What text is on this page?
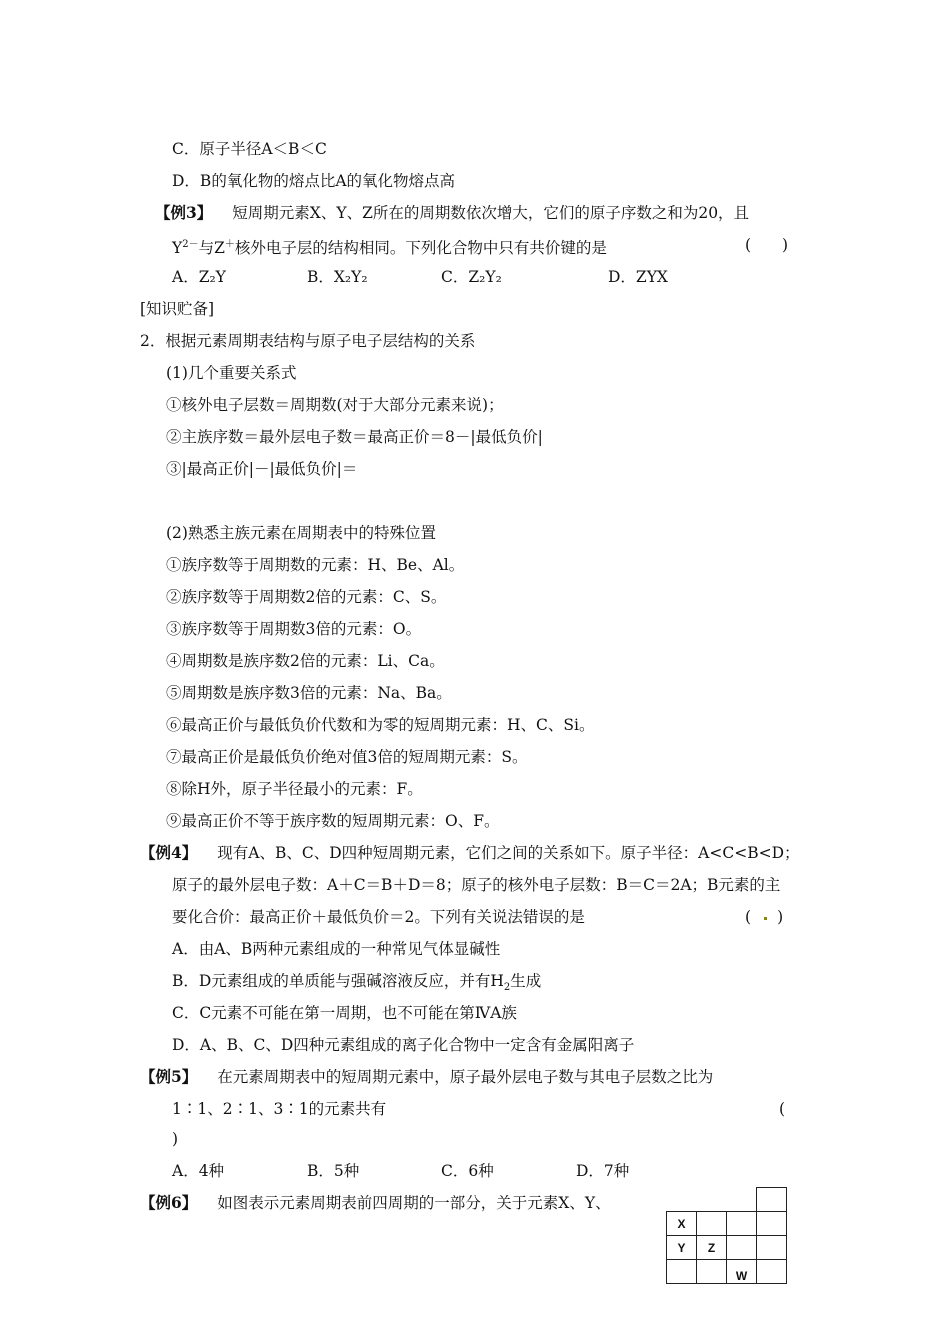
C．原子半径A＜B＜C
D．B的氧化物的熔点比A的氧化物熔点高
【例3】 短周期元素X、Y、Z所在的周期数依次增大，它们的原子序数之和为20，且
$Y^{2-}$与Z＋核外电子层的结构相同。下列化合物中只有共价键的是	(　　)
A．Z₂Y	B．X₂Y₂	C．Z₂Y₂	D．ZYX
[知识贮备]
2．根据元素周期表结构与原子电子层结构的关系
(1)几个重要关系式
①核外电子层数＝周期数(对于大部分元素来说)；
②主族序数＝最外层电子数＝最高正价＝8－|最低负价|
③|最高正价|－|最低负价|＝
(2)熟悉主族元素在周期表中的特殊位置
①族序数等于周期数的元素：H、Be、Al。
②族序数等于周期数2倍的元素：C、S。
③族序数等于周期数3倍的元素：O。
④周期数是族序数2倍的元素：Li、Ca。
⑤周期数是族序数3倍的元素：Na、Ba。
⑥最高正价与最低负价代数和为零的短周期元素：H、C、Si。
⑦最高正价是最低负价绝对值3倍的短周期元素：S。
⑧除H外，原子半径最小的元素：F。
⑨最高正价不等于族序数的短周期元素：O、F。
【例4】 现有A、B、C、D四种短周期元素，它们之间的关系如下。原子半径：A<C<B<D；
原子的最外层电子数：A＋C＝B＋D＝8；原子的核外电子层数：B＝C＝2A；B元素的主
要化合价：最高正价＋最低负价＝2。下列有关说法错误的是	( )
A．由A、B两种元素组成的一种常见气体显碱性
B．D元素组成的单质能与强碱溶液反应，并有$H_2$生成
C．C元素不可能在第一周期，也不可能在第ⅣA族
D．A、B、C、D四种元素组成的离子化合物中一定含有金属阳离子
【例5】 在元素周期表中的短周期元素中，原子最外层电子数与其电子层数之比为
1∶1、2∶1、3∶1的元素共有	(
)
A．4种	B．5种	C．6种	D．7种
【例6】 如图表示元素周期表前四周期的一部分，关于元素X、Y、

X			
Y	Z		
		W	
